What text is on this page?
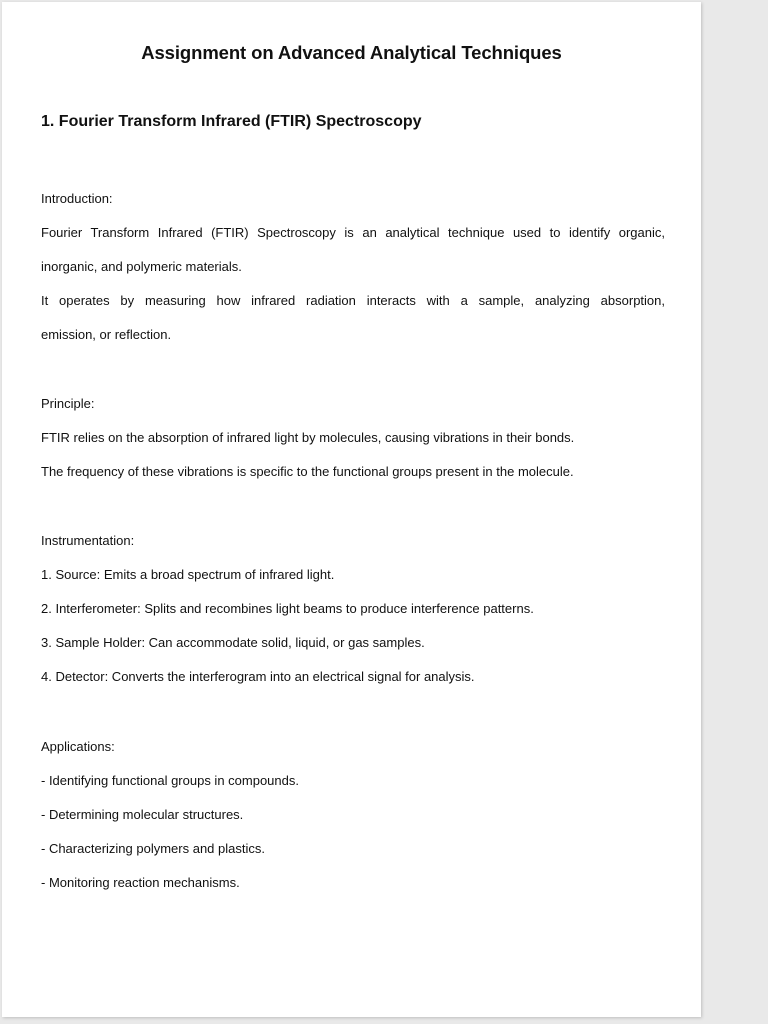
Assignment on Advanced Analytical Techniques
1. Fourier Transform Infrared (FTIR) Spectroscopy

Introduction:

Fourier Transform Infrared (FTIR) Spectroscopy is an analytical technique used to identify organic,

inorganic, and polymeric materials.

It operates by measuring how infrared radiation interacts with a sample, analyzing absorption,

emission, or reflection.

Principle:

FTIR relies on the absorption of infrared light by molecules, causing vibrations in their bonds.

The frequency of these vibrations is specific to the functional groups present in the molecule.

Instrumentation:

1. Source: Emits a broad spectrum of infrared light.

2. Interferometer: Splits and recombines light beams to produce interference patterns.

3. Sample Holder: Can accommodate solid, liquid, or gas samples.

4. Detector: Converts the interferogram into an electrical signal for analysis.

Applications:

- Identifying functional groups in compounds.

- Determining molecular structures.

- Characterizing polymers and plastics.

- Monitoring reaction mechanisms.
